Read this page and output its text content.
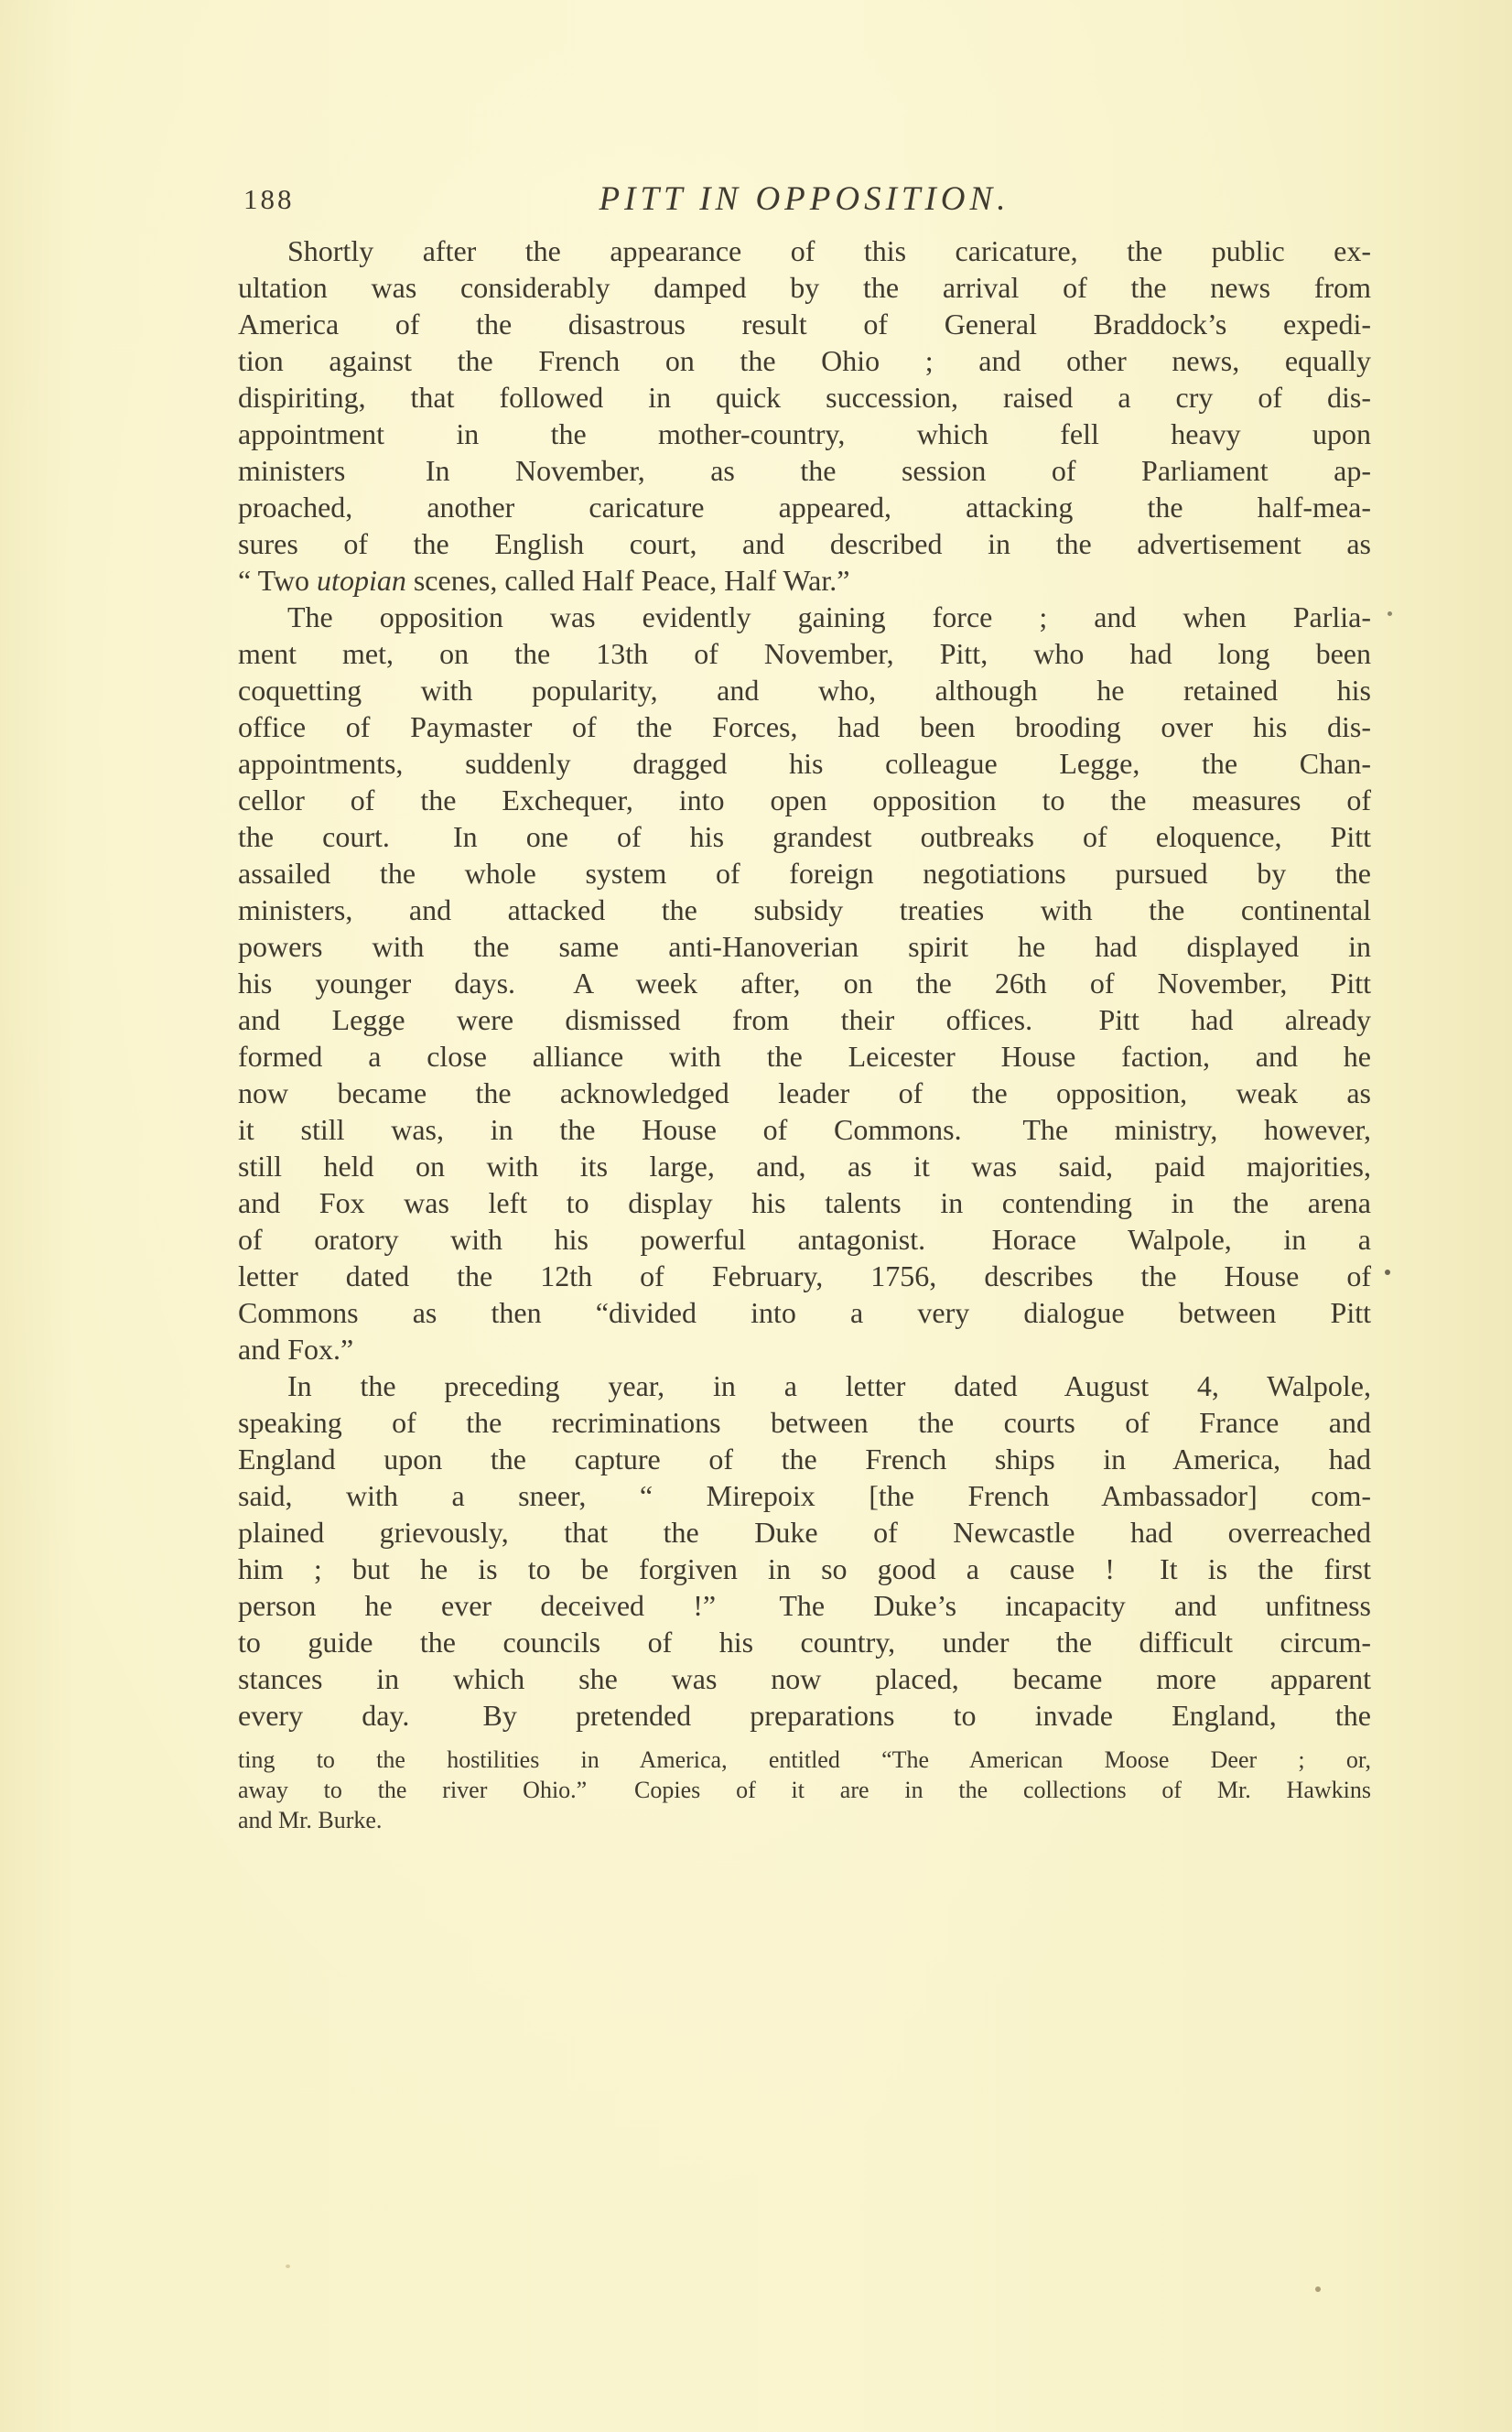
188	PITT IN OPPOSITION.
Shortly after the appearance of this caricature, the public ex-
ultation was considerably damped by the arrival of the news from
America of the disastrous result of General Braddock’s expedi-
tion against the French on the Ohio ; and other news, equally
dispiriting, that followed in quick succession, raised a cry of dis-
appointment in the mother-country, which fell heavy upon
ministers  In November, as the session of Parliament ap-
proached, another caricature appeared, attacking the half-mea-
sures of the English court, and described in the advertisement as
“ Two utopian scenes, called Half Peace, Half War.”
The opposition was evidently gaining force ; and when Parlia-
ment met, on the 13th of November, Pitt, who had long been
coquetting with popularity, and who, although he retained his
office of Paymaster of the Forces, had been brooding over his dis-
appointments, suddenly dragged his colleague Legge, the Chan-
cellor of the Exchequer, into open opposition to the measures of
the court.  In one of his grandest outbreaks of eloquence, Pitt
assailed the whole system of foreign negotiations pursued by the
ministers, and attacked the subsidy treaties with the continental
powers with the same anti-Hanoverian spirit he had displayed in
his younger days.  A week after, on the 26th of November, Pitt
and Legge were dismissed from their offices.  Pitt had already
formed a close alliance with the Leicester House faction, and he
now became the acknowledged leader of the opposition, weak as
it still was, in the House of Commons.  The ministry, however,
still held on with its large, and, as it was said, paid majorities,
and Fox was left to display his talents in contending in the arena
of oratory with his powerful antagonist.  Horace Walpole, in a
letter dated the 12th of February, 1756, describes the House of
Commons as then “divided into a very dialogue between Pitt
and Fox.”
In the preceding year, in a letter dated August 4, Walpole,
speaking of the recriminations between the courts of France and
England upon the capture of the French ships in America, had
said, with a sneer, “ Mirepoix [the French Ambassador] com-
plained grievously, that the Duke of Newcastle had overreached
him ; but he is to be forgiven in so good a cause !  It is the first
person he ever deceived !”  The Duke’s incapacity and unfitness
to guide the councils of his country, under the difficult circum-
stances in which she was now placed, became more apparent
every day.  By pretended preparations to invade England, the
ting to the hostilities in America, entitled “The American Moose Deer ; or,
away to the river Ohio.”  Copies of it are in the collections of Mr. Hawkins
and Mr. Burke.
